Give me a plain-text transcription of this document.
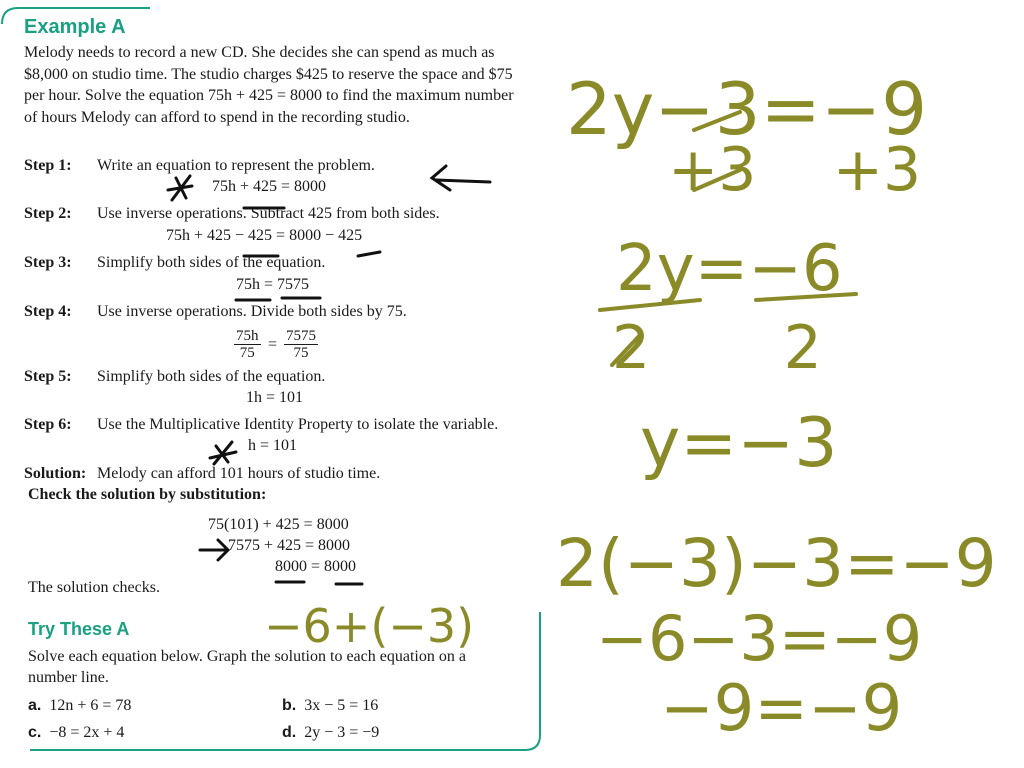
Example A
Melody needs to record a new CD. She decides she can spend as much as $8,000 on studio time. The studio charges $425 to reserve the space and $75 per hour. Solve the equation 75h + 425 = 8000 to find the maximum number of hours Melody can afford to spend in the recording studio.
Step 1: Write an equation to represent the problem.
75h + 425 = 8000
Step 2: Use inverse operations. Subtract 425 from both sides.
75h + 425 − 425 = 8000 − 425
Step 3: Simplify both sides of the equation.
75h = 7575
Step 4: Use inverse operations. Divide both sides by 75.
$\frac{75h}{75} = \frac{7575}{75}$
Step 5: Simplify both sides of the equation.
1h = 101
Step 6: Use the Multiplicative Identity Property to isolate the variable.
h = 101
Solution: Melody can afford 101 hours of studio time.
Check the solution by substitution:
75(101) + 425 = 8000
7575 + 425 = 8000
8000 = 8000
The solution checks.
Try These A
Solve each equation below. Graph the solution to each equation on a number line.
a. 12n + 6 = 78	b. 3x − 5 = 16
c. −8 = 2x + 4	d. 2y − 3 = −9
2y−3=−9
+3    +3
2y=−6
2       2
y=−3
2(−3)−3=−9
−6−3=−9
−9=−9
−6+(−3)
